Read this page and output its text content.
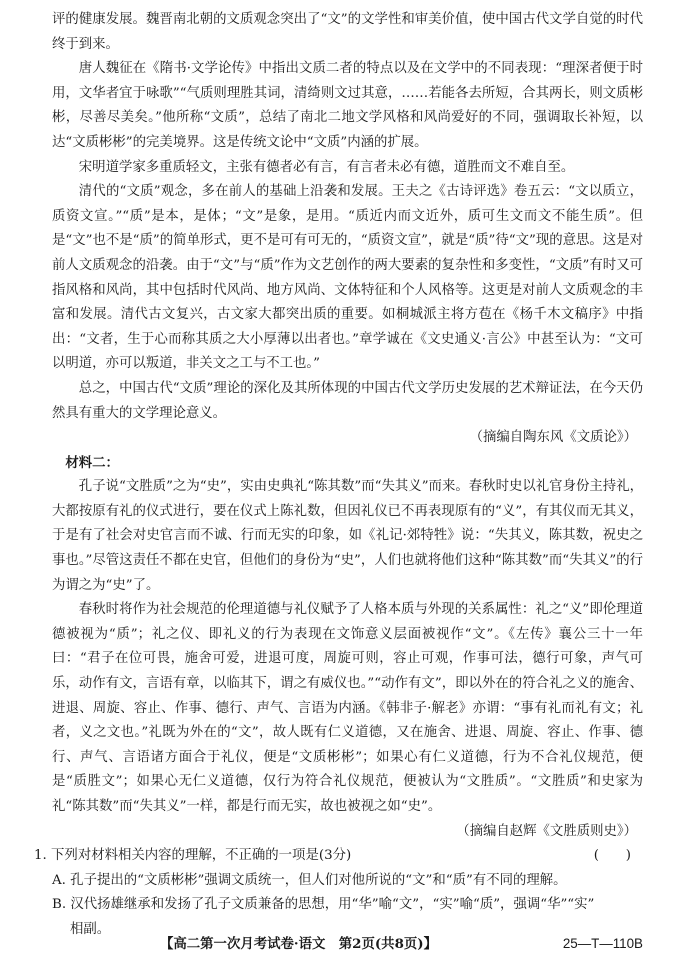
评的健康发展。魏晋南北朝的文质观念突出了“文”的文学性和审美价值，使中国古代文学自觉的时代终于到来。

唐人魏征在《隋书·文学论传》中指出文质二者的特点以及在文学中的不同表现：“理深者便于时用，文华者宜于咏歌”“气质则理胜其词，清绮则文过其意，……若能各去所短，合其两长，则文质彬彬，尽善尽美矣。”他所称“文质”，总结了南北二地文学风格和风尚爱好的不同，强调取长补短，以达“文质彬彬”的完美境界。这是传统文论中“文质”内涵的扩展。

宋明道学家多重质轻文，主张有德者必有言，有言者未必有德，道胜而文不难自至。

清代的“文质”观念，多在前人的基础上沿袭和发展。王夫之《古诗评选》卷五云：“文以质立，质资文宣。”“质”是本，是体；“文”是象，是用。“质近内而文近外，质可生文而文不能生质”。但是“文”也不是“质”的简单形式，更不是可有可无的，“质资文宣”，就是“质”待“文”现的意思。这是对前人文质观念的沿袭。由于“文”与“质”作为文艺创作的两大要素的复杂性和多变性，“文质”有时又可指风格和风尚，其中包括时代风尚、地方风尚、文体特征和个人风格等。这更是对前人文质观念的丰富和发展。清代古文复兴，古文家大都突出质的重要。如桐城派主将方苞在《杨千木文稿序》中指出：“文者，生于心而称其质之大小厚薄以出者也。”章学诚在《文史通义·言公》中甚至认为：“文可以明道，亦可以叛道，非关文之工与不工也。”

总之，中国古代“文质”理论的深化及其所体现的中国古代文学历史发展的艺术辩证法，在今天仍然具有重大的文学理论意义。

（摘编自陶东风《文质论》）

材料二：

孔子说“文胜质”之为“史”，实由史典礼“陈其数”而“失其义”而来。春秋时史以礼官身份主持礼，大都按原有礼的仪式进行，要在仪式上陈礼数，但因礼仪已不再表现原有的“义”，有其仪而无其义，于是有了社会对史官言而不诚、行而无实的印象，如《礼记·郊特牲》说：“失其义，陈其数，祝史之事也。”尽管这责任不都在史官，但他们的身份为“史”，人们也就将他们这种“陈其数”而“失其义”的行为谓之为“史”了。

春秋时将作为社会规范的伦理道德与礼仪赋予了人格本质与外现的关系属性：礼之“义”即伦理道德被视为“质”；礼之仪、即礼义的行为表现在文饰意义层面被视作“文”。《左传》襄公三十一年曰：“君子在位可畏，施舍可爱，进退可度，周旋可则，容止可观，作事可法，德行可象，声气可乐，动作有文，言语有章，以临其下，谓之有威仪也。”“动作有文”，即以外在的符合礼之义的施舍、进退、周旋、容止、作事、德行、声气、言语为内涵。《韩非子·解老》亦谓：“事有礼而礼有文；礼者，义之文也。”礼既为外在的“文”，故人既有仁义道德，又在施舍、进退、周旋、容止、作事、德行、声气、言语诸方面合于礼仪，便是“文质彬彬”；如果心有仁义道德，行为不合礼仪规范，便是“质胜文”；如果心无仁义道德，仅行为符合礼仪规范，便被认为“文胜质”。“文胜质”和史家为礼“陈其数”而“失其义”一样，都是行而无实，故也被视之如“史”。

（摘编自赵辉《文胜质则史》）

1. 下列对材料相关内容的理解，不正确的一项是(3分)	(　　)

A. 孔子提出的“文质彬彬”强调文质统一，但人们对他所说的“文”和“质”有不同的理解。

B. 汉代扬雄继承和发扬了孔子文质兼备的思想，用“华”喻“文”，“实”喻“质”，强调“华”“实”

相副。

【高二第一次月考试卷·语文　第2页(共8页)】	25—T—110B
